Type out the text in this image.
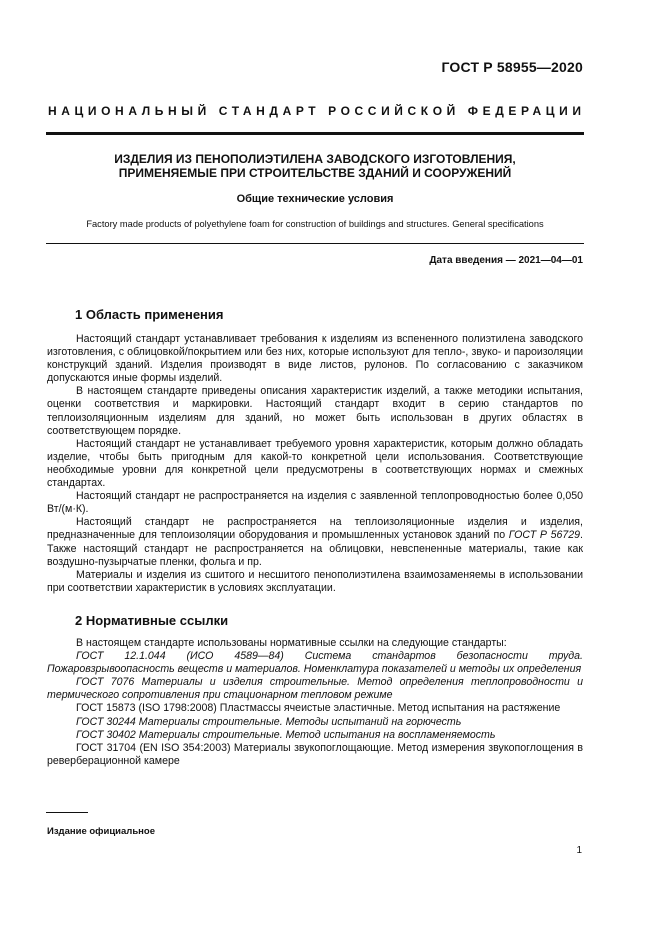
ГОСТ Р 58955—2020
НАЦИОНАЛЬНЫЙ СТАНДАРТ РОССИЙСКОЙ ФЕДЕРАЦИИ
ИЗДЕЛИЯ ИЗ ПЕНОПОЛИЭТИЛЕНА ЗАВОДСКОГО ИЗГОТОВЛЕНИЯ,
ПРИМЕНЯЕМЫЕ ПРИ СТРОИТЕЛЬСТВЕ ЗДАНИЙ И СООРУЖЕНИЙ
Общие технические условия
Factory made products of polyethylene foam for construction of buildings and structures. General specifications
Дата введения — 2021—04—01
1 Область применения

Настоящий стандарт устанавливает требования к изделиям из вспененного полиэтилена заводского изготовления, с облицовкой/покрытием или без них, которые используют для тепло-, звуко- и пароизоляции конструкций зданий. Изделия производят в виде листов, рулонов. По согласованию с заказчиком допускаются иные формы изделий.

В настоящем стандарте приведены описания характеристик изделий, а также методики испытания, оценки соответствия и маркировки. Настоящий стандарт входит в серию стандартов по теплоизоляционным изделиям для зданий, но может быть использован в других областях в соответствующем порядке.

Настоящий стандарт не устанавливает требуемого уровня характеристик, которым должно обладать изделие, чтобы быть пригодным для какой-то конкретной цели использования. Соответствующие необходимые уровни для конкретной цели предусмотрены в соответствующих нормах и смежных стандартах.

Настоящий стандарт не распространяется на изделия с заявленной теплопроводностью более 0,050 Вт/(м·К).

Настоящий стандарт не распространяется на теплоизоляционные изделия и изделия, предназначенные для теплоизоляции оборудования и промышленных установок зданий по ГОСТ Р 56729. Также настоящий стандарт не распространяется на облицовки, невспененные материалы, такие как воздушно-пузырчатые пленки, фольга и пр.

Материалы и изделия из сшитого и несшитого пенополиэтилена взаимозаменяемы в использовании при соответствии характеристик в условиях эксплуатации.

2 Нормативные ссылки

В настоящем стандарте использованы нормативные ссылки на следующие стандарты:

ГОСТ 12.1.044 (ИСО 4589—84) Система стандартов безопасности труда. Пожаровзрывоопасность веществ и материалов. Номенклатура показателей и методы их определения

ГОСТ 7076 Материалы и изделия строительные. Метод определения теплопроводности и термического сопротивления при стационарном тепловом режиме

ГОСТ 15873 (ISO 1798:2008) Пластмассы ячеистые эластичные. Метод испытания на растяжение

ГОСТ 30244 Материалы строительные. Методы испытаний на горючесть

ГОСТ 30402 Материалы строительные. Метод испытания на воспламеняемость

ГОСТ 31704 (EN ISO 354:2003) Материалы звукопоглощающие. Метод измерения звукопоглощения в реверберационной камере

Издание официальное
1
